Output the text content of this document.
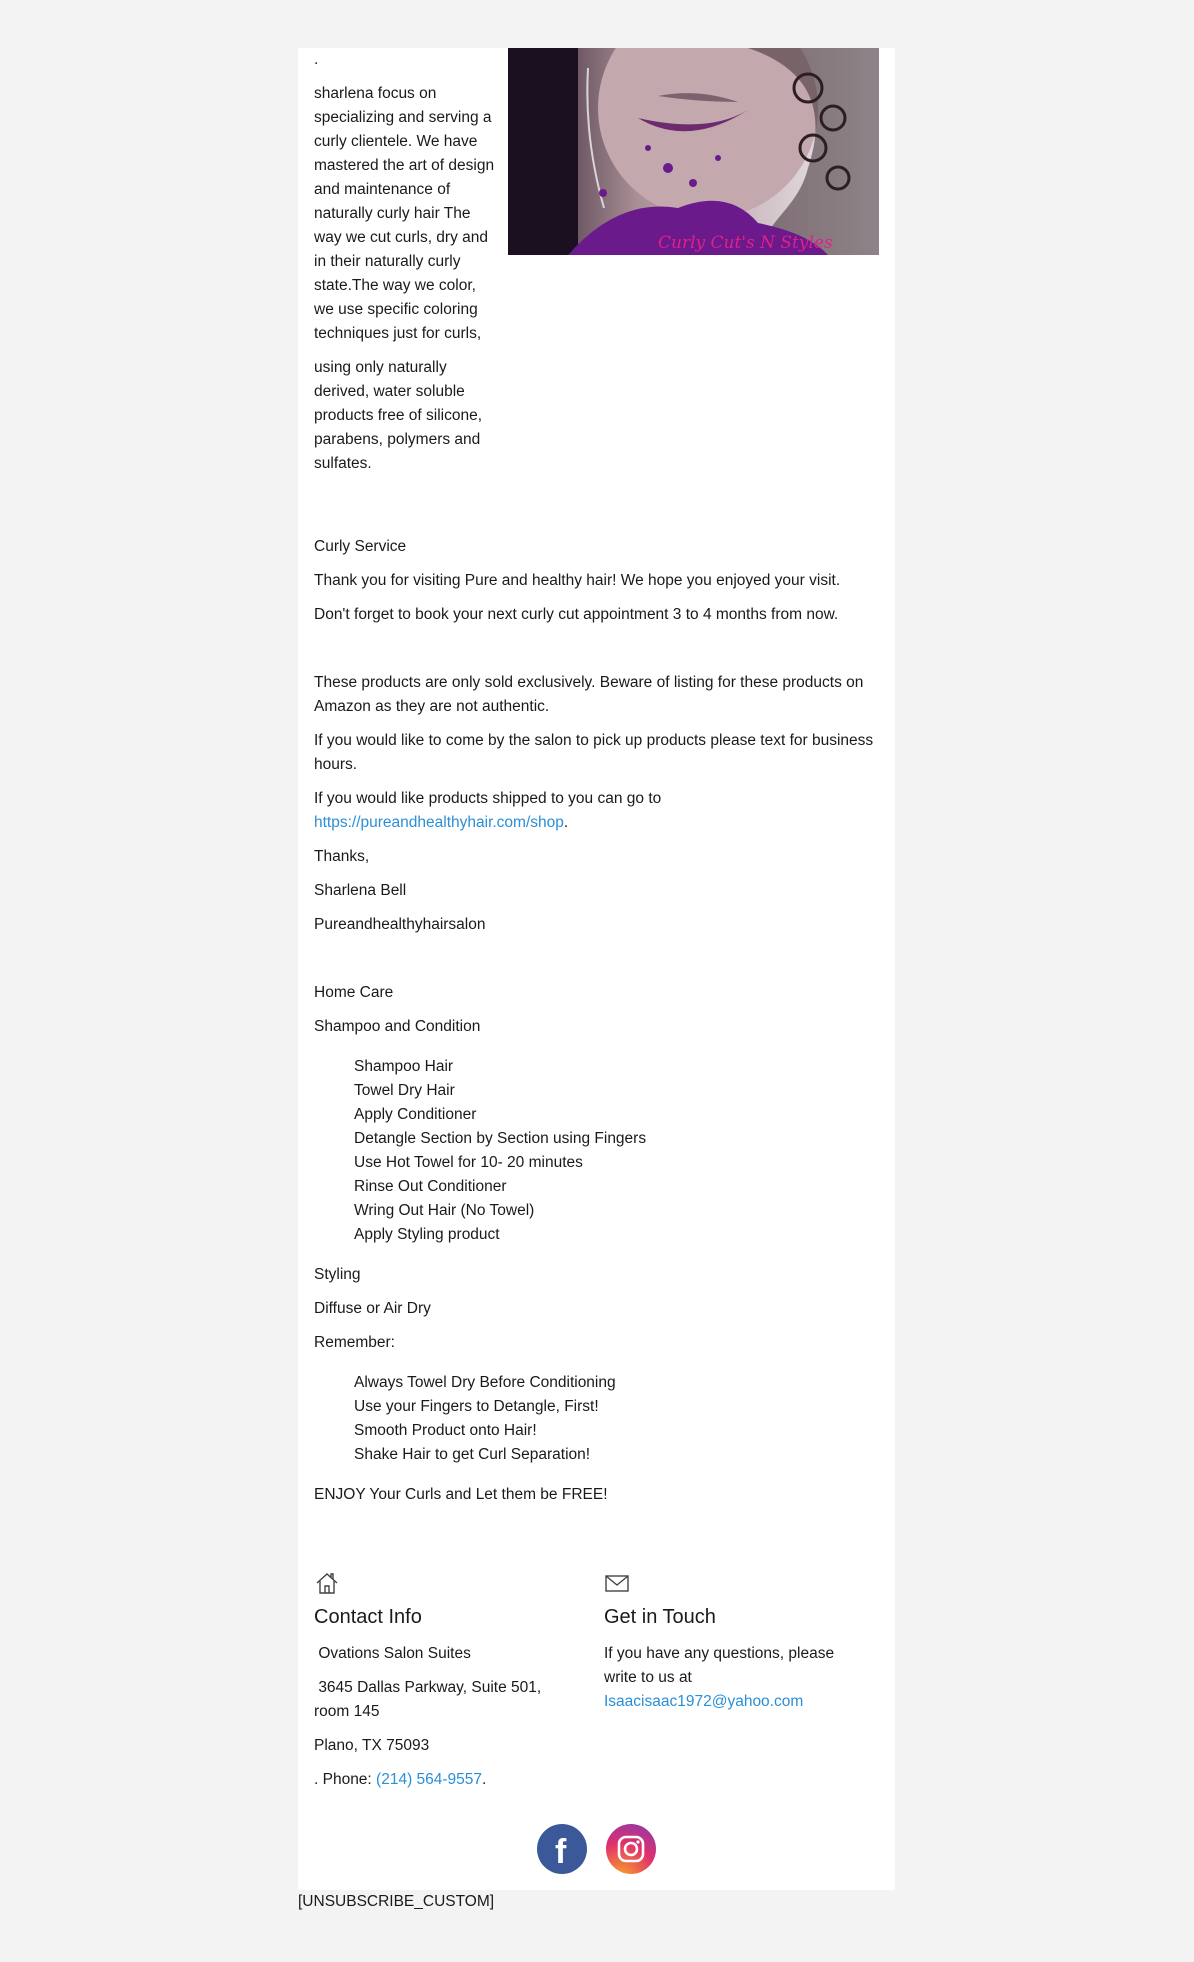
.

sharlena focus on specializing and serving a curly clientele. We have mastered the art of design and maintenance of naturally curly hair The way we cut curls, dry and in their naturally curly state.The way we color, we use specific coloring techniques just for curls,

using only naturally derived, water soluble products free of silicone, parabens, polymers and sulfates.

Curly Cut's N Styles

Curly Service

Thank you for visiting Pure and healthy hair! We hope you enjoyed your visit.

Don't forget to book your next curly cut appointment 3 to 4 months from now.

These products are only sold exclusively. Beware of listing for these products on Amazon as they are not authentic.

If you would like to come by the salon to pick up products please text for business hours.

If you would like products shipped to you can go to https://pureandhealthyhair.com/shop.

Thanks,

Sharlena Bell

Pureandhealthyhairsalon

Home Care

Shampoo and Condition

Shampoo Hair
Towel Dry Hair
Apply Conditioner
Detangle Section by Section using Fingers
Use Hot Towel for 10- 20 minutes
Rinse Out Conditioner
Wring Out Hair (No Towel)
Apply Styling product

Styling

Diffuse or Air Dry

Remember:

Always Towel Dry Before Conditioning
Use your Fingers to Detangle, First!
Smooth Product onto Hair!
Shake Hair to get Curl Separation!

ENJOY Your Curls and Let them be FREE!

Contact Info

Ovations Salon Suites

3645 Dallas Parkway, Suite 501, room 145

Plano, TX 75093

. Phone: (214) 564-9557.

Get in Touch

If you have any questions, please write to us at Isaacisaac1972@yahoo.com

f

[UNSUBSCRIBE_CUSTOM]
